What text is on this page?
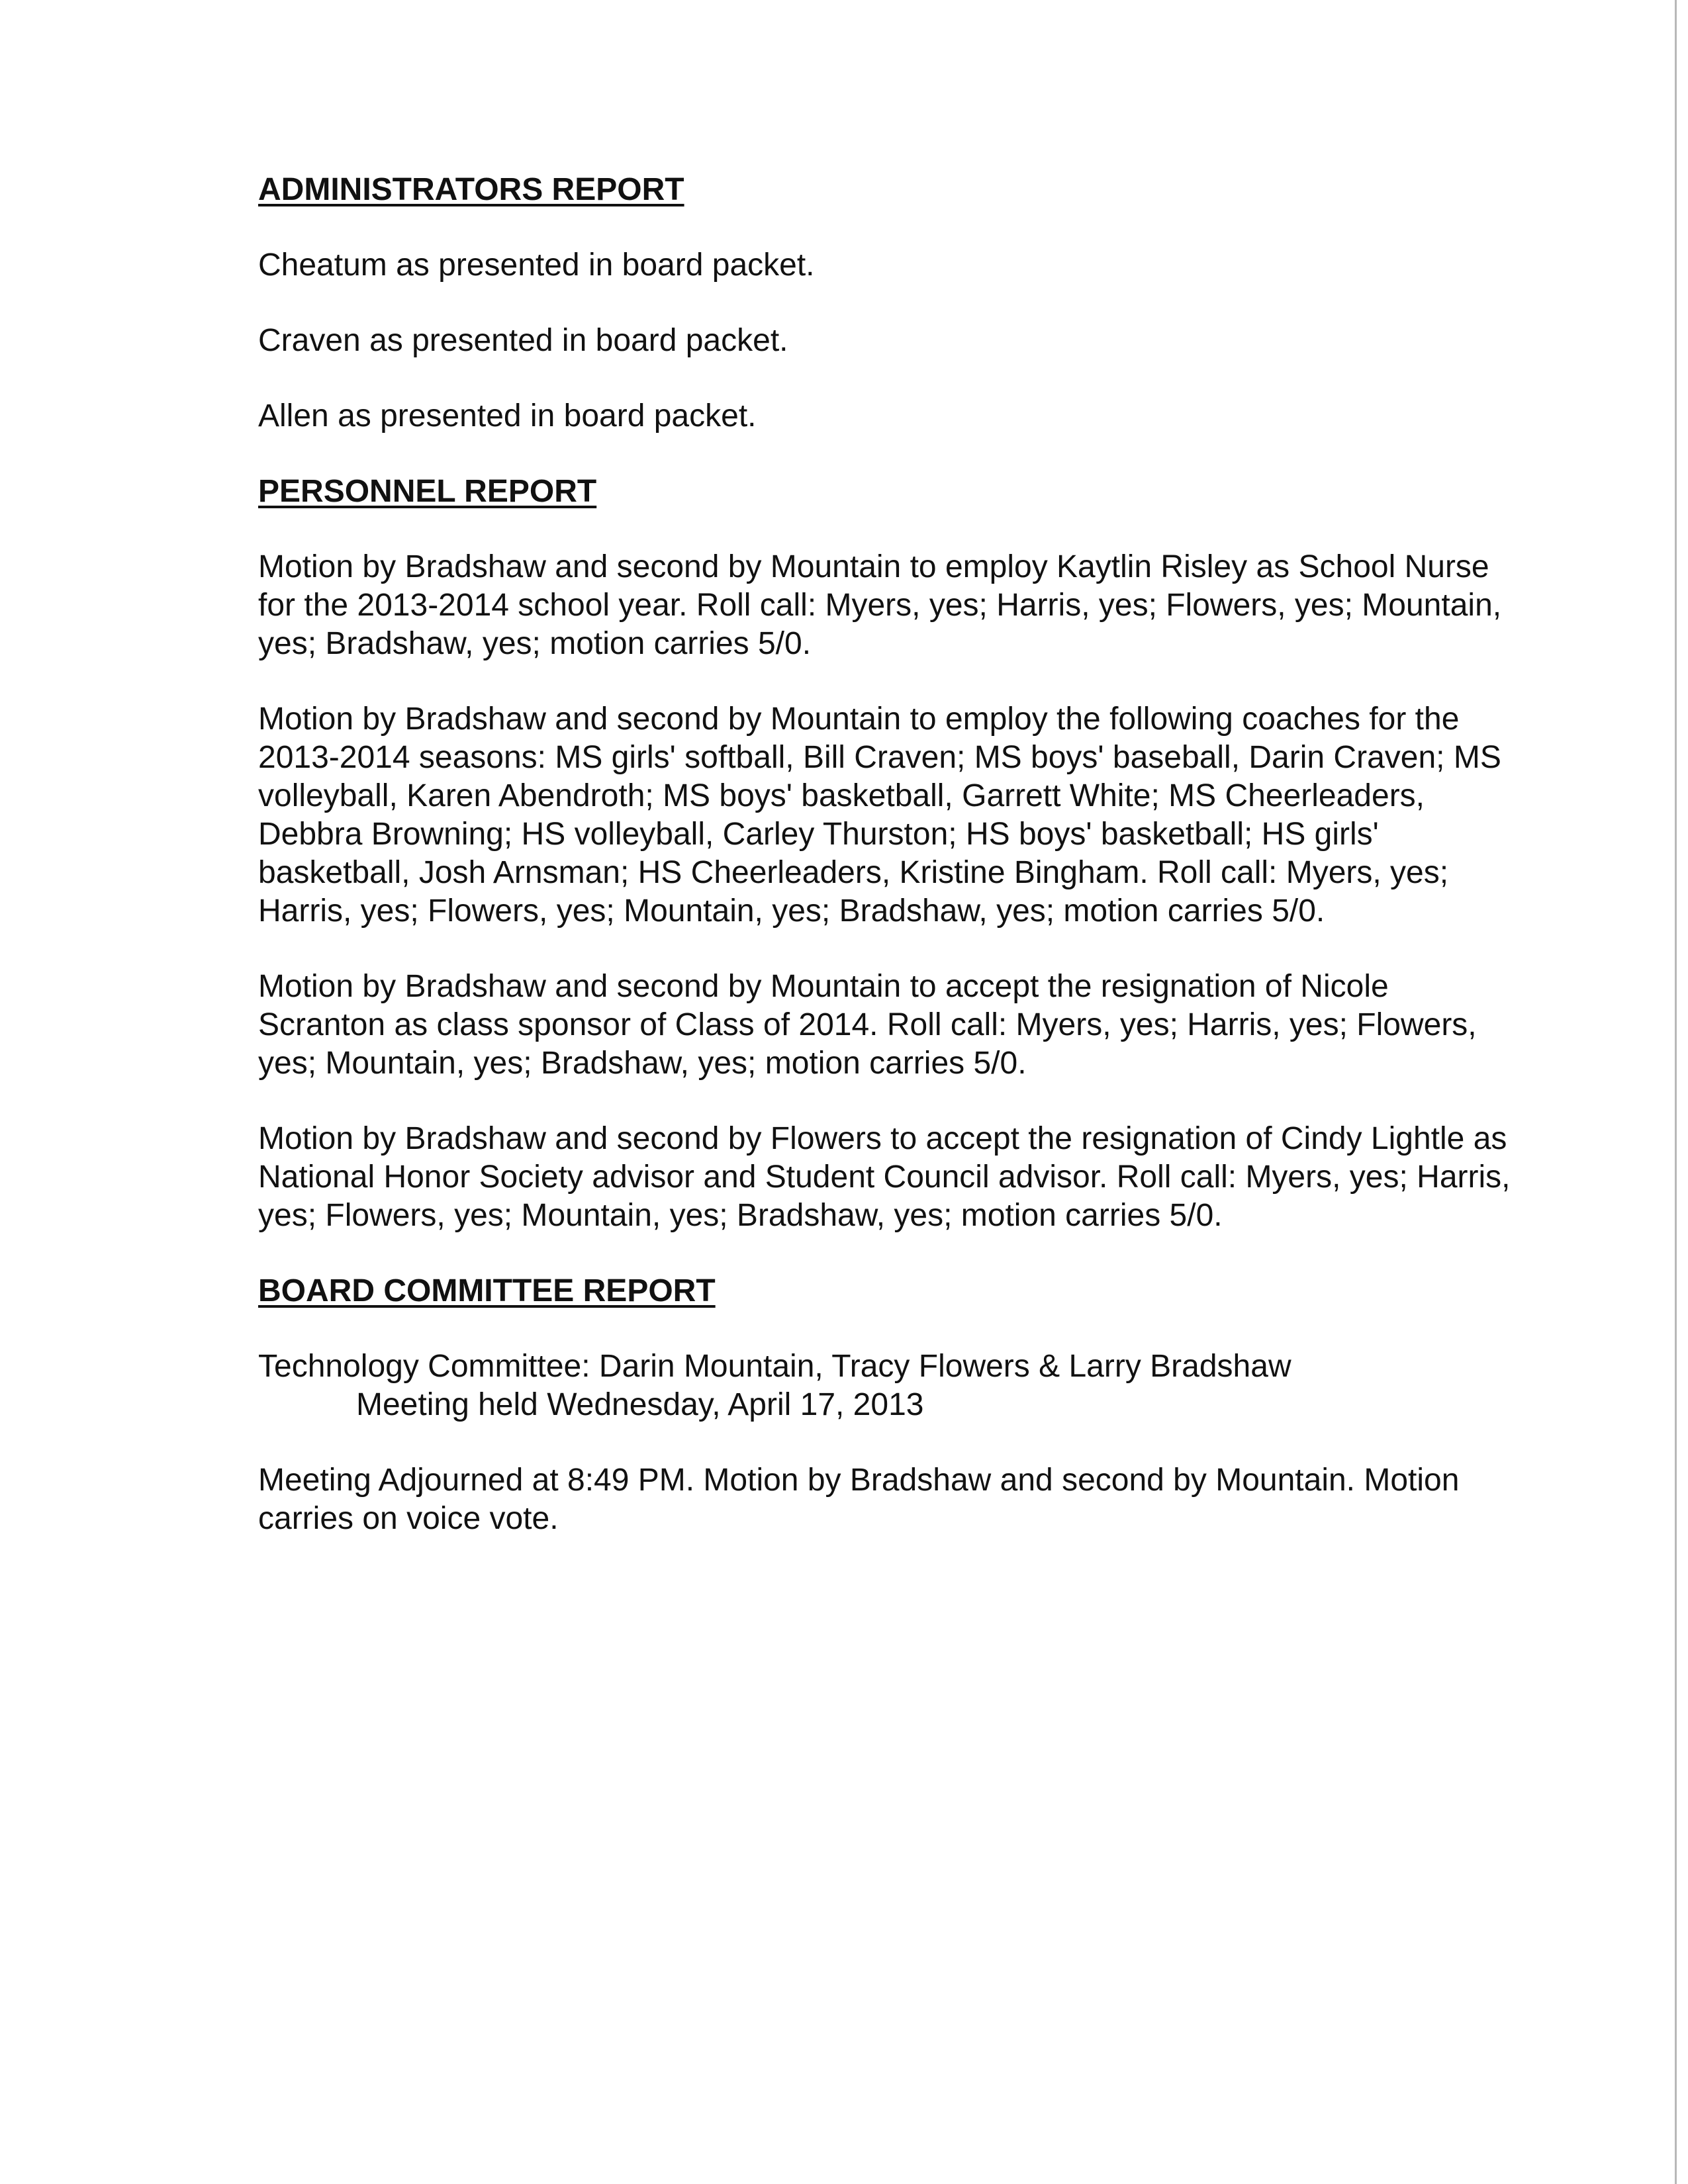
ADMINISTRATORS REPORT

Cheatum as presented in board packet.

Craven as presented in board packet.

Allen as presented in board packet.

PERSONNEL REPORT

Motion by Bradshaw and second by Mountain to employ Kaytlin Risley as School Nurse for the 2013-2014 school year. Roll call: Myers, yes; Harris, yes; Flowers, yes; Mountain, yes; Bradshaw, yes; motion carries 5/0.

Motion by Bradshaw and second by Mountain to employ the following coaches for the 2013-2014 seasons: MS girls' softball, Bill Craven; MS boys' baseball, Darin Craven; MS volleyball, Karen Abendroth; MS boys' basketball, Garrett White; MS Cheerleaders, Debbra Browning; HS volleyball, Carley Thurston; HS boys' basketball; HS girls' basketball, Josh Arnsman; HS Cheerleaders, Kristine Bingham. Roll call: Myers, yes; Harris, yes; Flowers, yes; Mountain, yes; Bradshaw, yes; motion carries 5/0.

Motion by Bradshaw and second by Mountain to accept the resignation of Nicole Scranton as class sponsor of Class of 2014. Roll call: Myers, yes; Harris, yes; Flowers, yes; Mountain, yes; Bradshaw, yes; motion carries 5/0.

Motion by Bradshaw and second by Flowers to accept the resignation of Cindy Lightle as National Honor Society advisor and Student Council advisor. Roll call: Myers, yes; Harris, yes; Flowers, yes; Mountain, yes; Bradshaw, yes; motion carries 5/0.

BOARD COMMITTEE REPORT

Technology Committee: Darin Mountain, Tracy Flowers & Larry Bradshaw

Meeting held Wednesday, April 17, 2013

Meeting Adjourned at 8:49 PM. Motion by Bradshaw and second by Mountain. Motion carries on voice vote.
